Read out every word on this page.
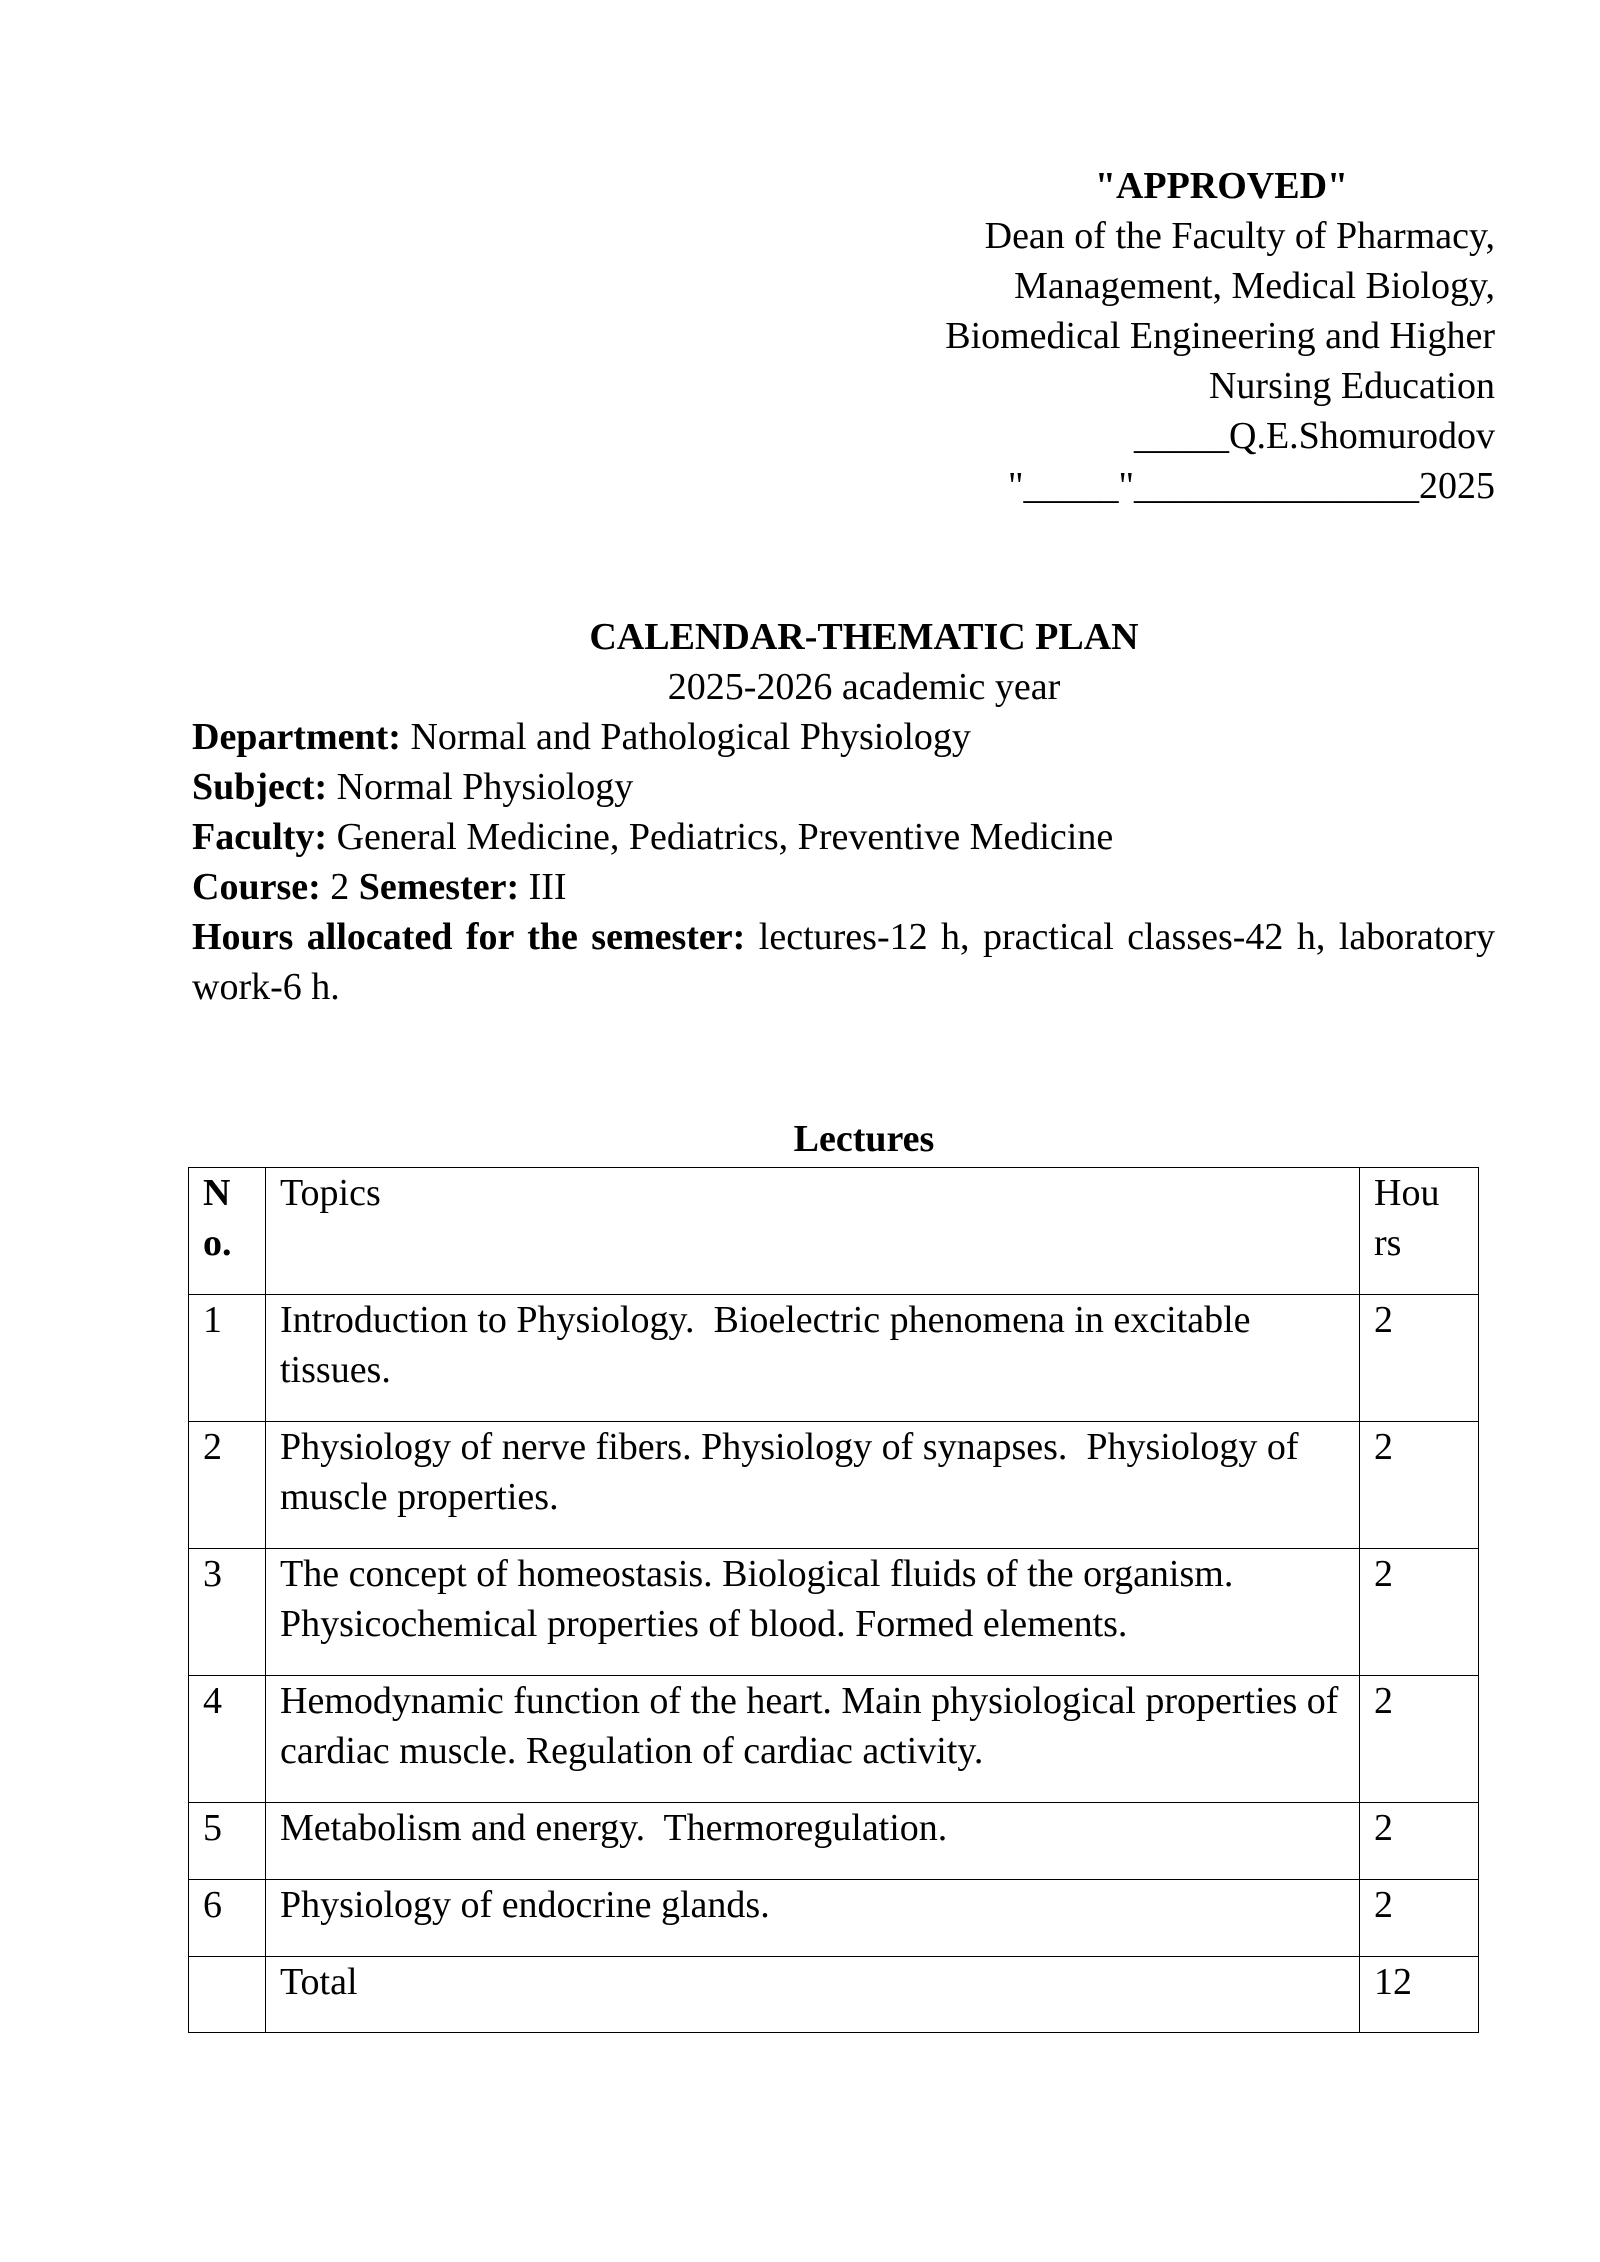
"APPROVED"
Dean of the Faculty of Pharmacy,
Management, Medical Biology,
Biomedical Engineering and Higher
Nursing Education
_____Q.E.Shomurodov
"_____"_______________2025
CALENDAR-THEMATIC PLAN
2025-2026 academic year
Department: Normal and Pathological Physiology
Subject: Normal Physiology
Faculty: General Medicine, Pediatrics, Preventive Medicine
Course: 2 Semester: III
Hours allocated for the semester: lectures-12 h, practical classes-42 h, laboratory work-6 h.
Lectures
No.	Topics	Hours
1	Introduction to Physiology.  Bioelectric phenomena in excitable tissues.	2
2	Physiology of nerve fibers. Physiology of synapses.  Physiology of muscle properties.	2
3	The concept of homeostasis. Biological fluids of the organism. Physicochemical properties of blood. Formed elements.	2
4	Hemodynamic function of the heart. Main physiological properties of cardiac muscle. Regulation of cardiac activity.	2
5	Metabolism and energy.  Thermoregulation.	2
6	Physiology of endocrine glands.	2
	Total	12
